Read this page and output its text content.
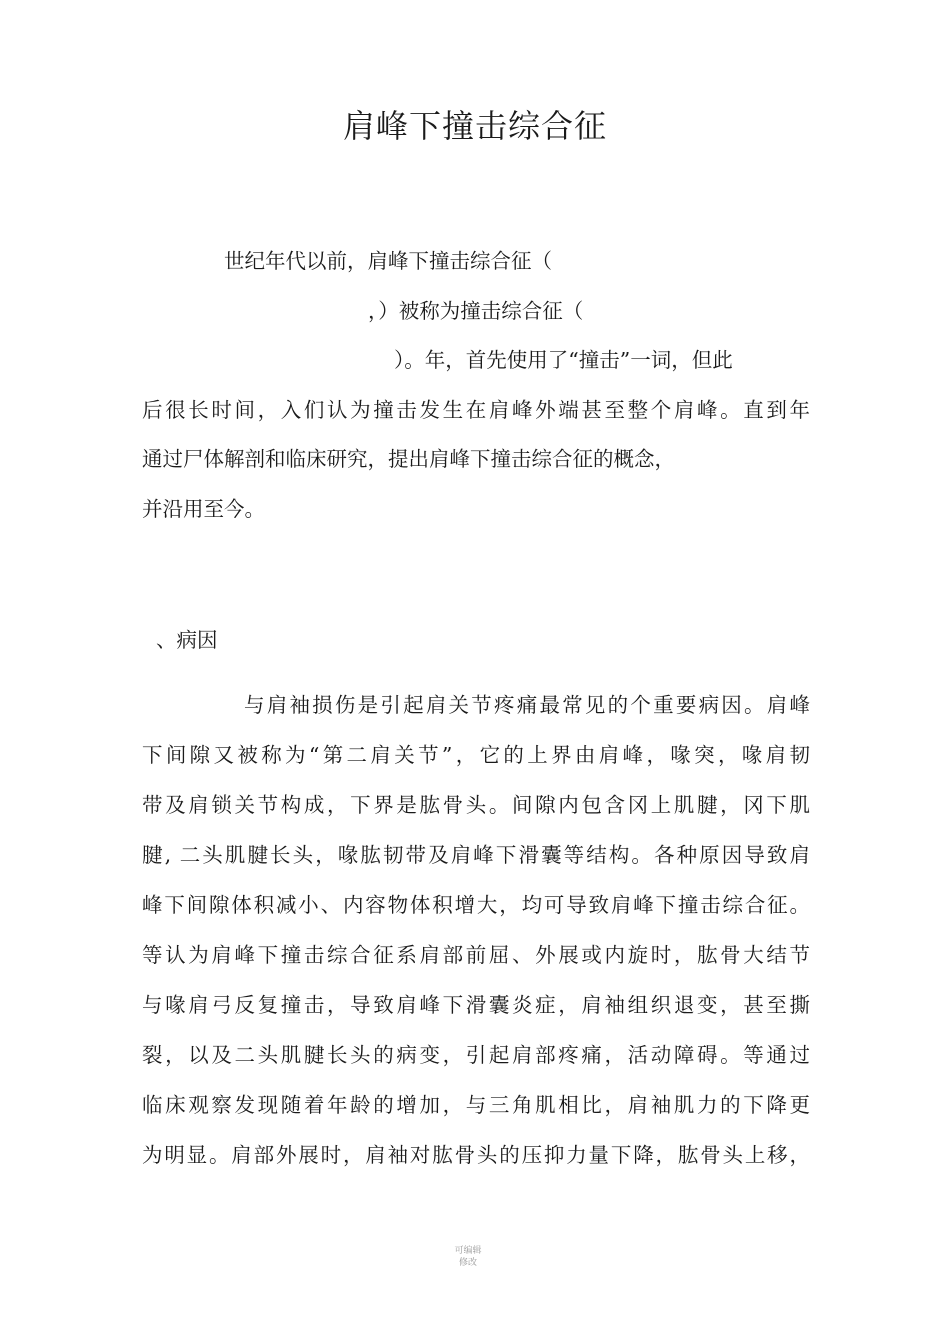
肩峰下撞击综合征
世纪年代以前，肩峰下撞击综合征（
，）被称为撞击综合征（
）。年，首先使用了“撞击”一词，但此
后很长时间，入们认为撞击发生在肩峰外端甚至整个肩峰。直到年
通过尸体解剖和临床研究，提出肩峰下撞击综合征的概念，
并沿用至今。
、病因
与肩袖损伤是引起肩关节疼痛最常见的个重要病因。肩峰
下间隙又被称为“第二肩关节”，它的上界由肩峰，喙突，喙肩韧
带及肩锁关节构成，下界是肱骨头。间隙内包含冈上肌腱，冈下肌
腱, 二头肌腱长头，喙肱韧带及肩峰下滑囊等结构。各种原因导致肩
峰下间隙体积减小、内容物体积增大，均可导致肩峰下撞击综合征。
等认为肩峰下撞击综合征系肩部前屈、外展或内旋时，肱骨大结节
与喙肩弓反复撞击，导致肩峰下滑囊炎症，肩袖组织退变，甚至撕
裂，以及二头肌腱长头的病变，引起肩部疼痛，活动障碍。等通过
临床观察发现随着年龄的增加，与三角肌相比，肩袖肌力的下降更
为明显。肩部外展时，肩袖对肱骨头的压抑力量下降，肱骨头上移，
可编辑
修改
